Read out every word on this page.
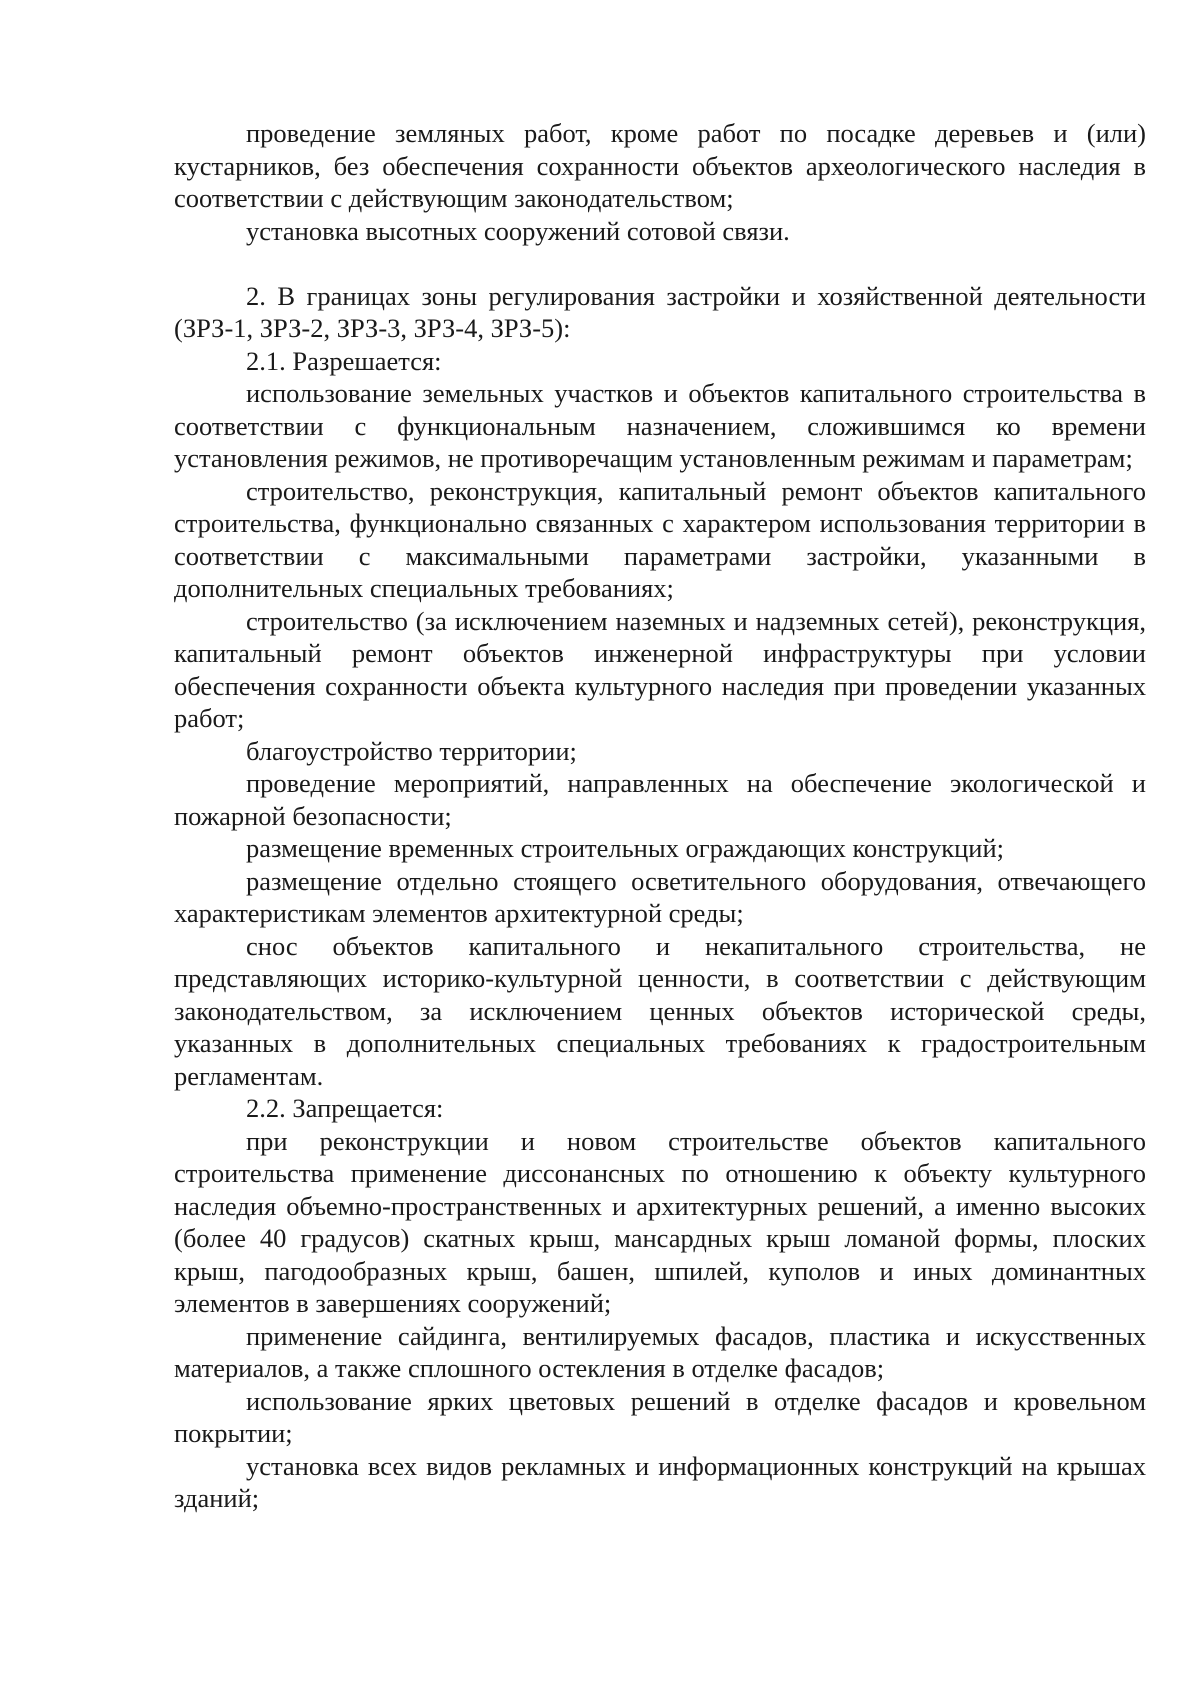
проведение земляных работ, кроме работ по посадке деревьев и (или) кустарников, без обеспечения сохранности объектов археологического наследия в соответствии с действующим законодательством;

установка высотных сооружений сотовой связи.

2. В границах зоны регулирования застройки и хозяйственной деятельности (ЗРЗ-1, ЗРЗ-2, ЗРЗ-3, ЗРЗ-4, ЗРЗ-5):

2.1. Разрешается:

использование земельных участков и объектов капитального строительства в соответствии с функциональным назначением, сложившимся ко времени установления режимов, не противоречащим установленным режимам и параметрам;

строительство, реконструкция, капитальный ремонт объектов капитального строительства, функционально связанных с характером использования территории в соответствии с максимальными параметрами застройки, указанными в дополнительных специальных требованиях;

строительство (за исключением наземных и надземных сетей), реконструкция, капитальный ремонт объектов инженерной инфраструктуры при условии обеспечения сохранности объекта культурного наследия при проведении указанных работ;

благоустройство территории;

проведение мероприятий, направленных на обеспечение экологической и пожарной безопасности;

размещение временных строительных ограждающих конструкций;

размещение отдельно стоящего осветительного оборудования, отвечающего характеристикам элементов архитектурной среды;

снос объектов капитального и некапитального строительства, не представляющих историко-культурной ценности, в соответствии с действующим законодательством, за исключением ценных объектов исторической среды, указанных в дополнительных специальных требованиях к градостроительным регламентам.

2.2. Запрещается:

при реконструкции и новом строительстве объектов капитального строительства применение диссонансных по отношению к объекту культурного наследия объемно-пространственных и архитектурных решений, а именно высоких (более 40 градусов) скатных крыш, мансардных крыш ломаной формы, плоских крыш, пагодообразных крыш, башен, шпилей, куполов и иных доминантных элементов в завершениях сооружений;

применение сайдинга, вентилируемых фасадов, пластика и искусственных материалов, а также сплошного остекления в отделке фасадов;

использование ярких цветовых решений в отделке фасадов и кровельном покрытии;

установка всех видов рекламных и информационных конструкций на крышах зданий;
